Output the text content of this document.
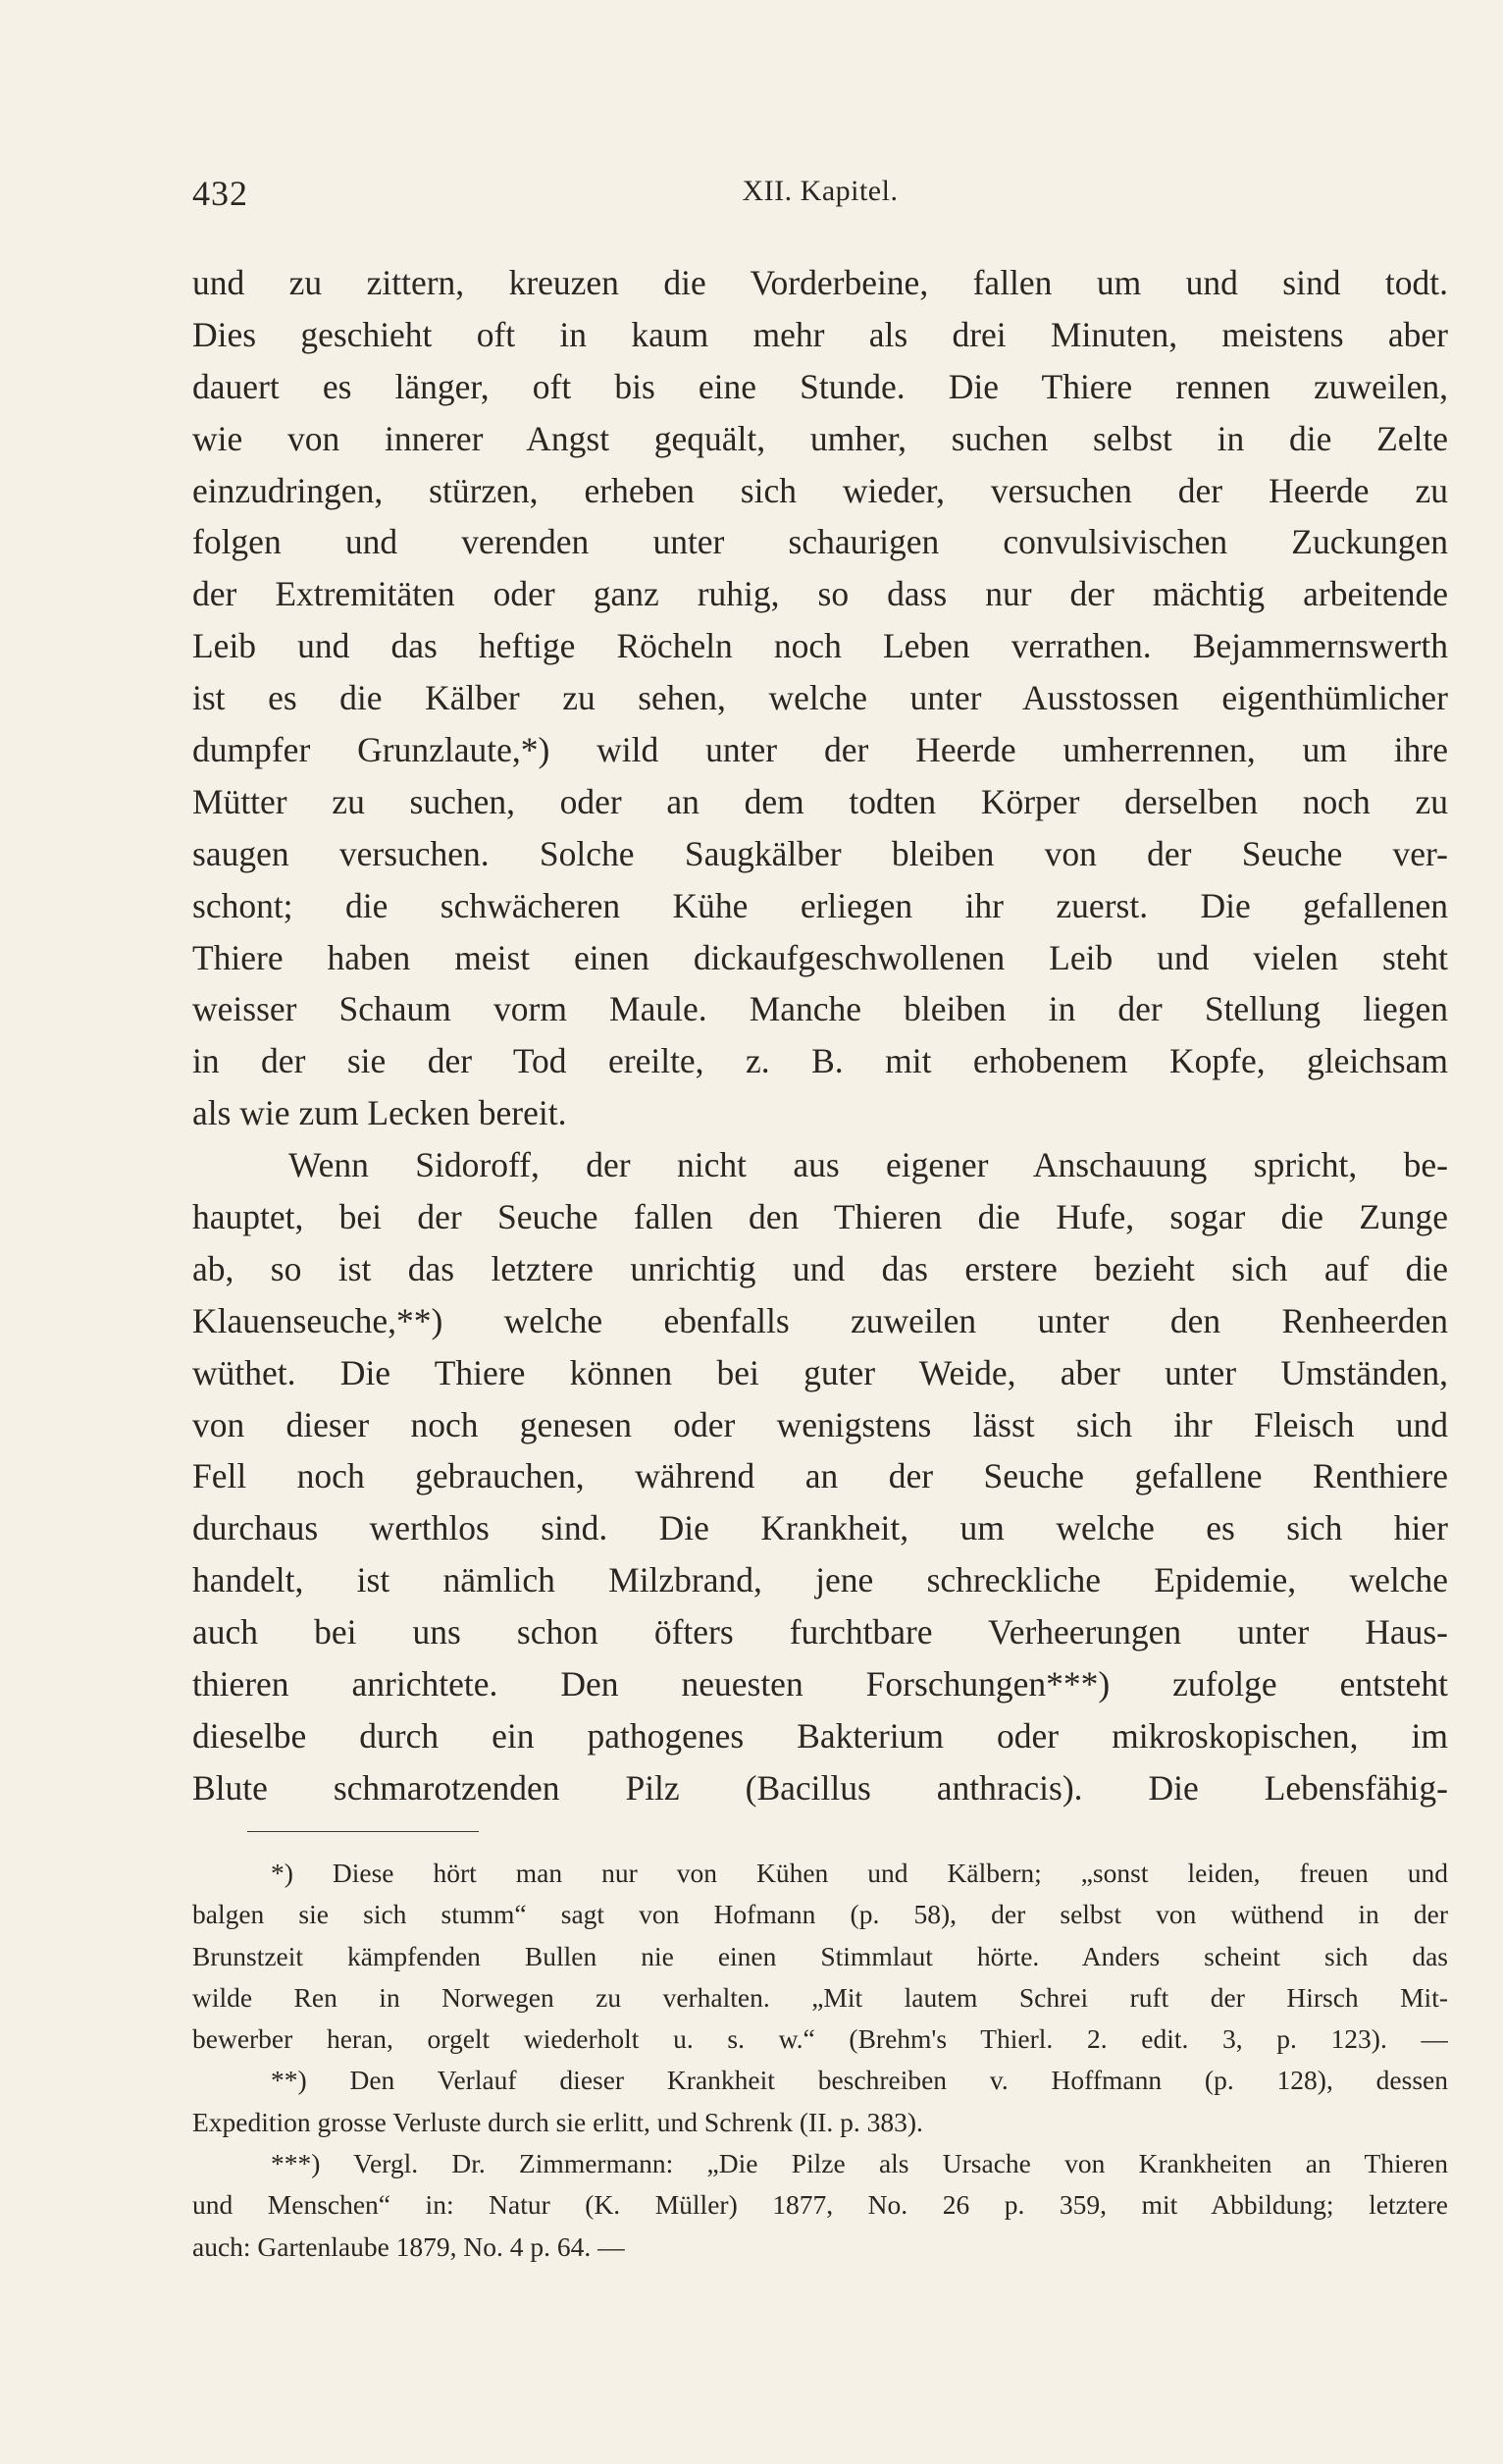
432	XII. Kapitel.
und zu zittern, kreuzen die Vorderbeine, fallen um und sind todt.
Dies geschieht oft in kaum mehr als drei Minuten, meistens aber
dauert es länger, oft bis eine Stunde. Die Thiere rennen zuweilen,
wie von innerer Angst gequält, umher, suchen selbst in die Zelte
einzudringen, stürzen, erheben sich wieder, versuchen der Heerde zu
folgen und verenden unter schaurigen convulsivischen Zuckungen
der Extremitäten oder ganz ruhig, so dass nur der mächtig arbeitende
Leib und das heftige Röcheln noch Leben verrathen. Bejammernswerth
ist es die Kälber zu sehen, welche unter Ausstossen eigenthümlicher
dumpfer Grunzlaute,*) wild unter der Heerde umherrennen, um ihre
Mütter zu suchen, oder an dem todten Körper derselben noch zu
saugen versuchen. Solche Saugkälber bleiben von der Seuche ver-
schont; die schwächeren Kühe erliegen ihr zuerst. Die gefallenen
Thiere haben meist einen dickaufgeschwollenen Leib und vielen steht
weisser Schaum vorm Maule. Manche bleiben in der Stellung liegen
in der sie der Tod ereilte, z. B. mit erhobenem Kopfe, gleichsam
als wie zum Lecken bereit.
Wenn Sidoroff, der nicht aus eigener Anschauung spricht, be-
hauptet, bei der Seuche fallen den Thieren die Hufe, sogar die Zunge
ab, so ist das letztere unrichtig und das erstere bezieht sich auf die
Klauenseuche,**) welche ebenfalls zuweilen unter den Renheerden
wüthet. Die Thiere können bei guter Weide, aber unter Umständen,
von dieser noch genesen oder wenigstens lässt sich ihr Fleisch und
Fell noch gebrauchen, während an der Seuche gefallene Renthiere
durchaus werthlos sind. Die Krankheit, um welche es sich hier
handelt, ist nämlich Milzbrand, jene schreckliche Epidemie, welche
auch bei uns schon öfters furchtbare Verheerungen unter Haus-
thieren anrichtete. Den neuesten Forschungen***) zufolge entsteht
dieselbe durch ein pathogenes Bakterium oder mikroskopischen, im
Blute schmarotzenden Pilz (Bacillus anthracis). Die Lebensfähig-
*) Diese hört man nur von Kühen und Kälbern; „sonst leiden, freuen und
balgen sie sich stumm“ sagt von Hofmann (p. 58), der selbst von wüthend in der
Brunstzeit kämpfenden Bullen nie einen Stimmlaut hörte. Anders scheint sich das
wilde Ren in Norwegen zu verhalten. „Mit lautem Schrei ruft der Hirsch Mit-
bewerber heran, orgelt wiederholt u. s. w.“ (Brehm's Thierl. 2. edit. 3, p. 123). —
**) Den Verlauf dieser Krankheit beschreiben v. Hoffmann (p. 128), dessen
Expedition grosse Verluste durch sie erlitt, und Schrenk (II. p. 383).
***) Vergl. Dr. Zimmermann: „Die Pilze als Ursache von Krankheiten an Thieren
und Menschen“ in: Natur (K. Müller) 1877, No. 26 p. 359, mit Abbildung; letztere
auch: Gartenlaube 1879, No. 4 p. 64. —
